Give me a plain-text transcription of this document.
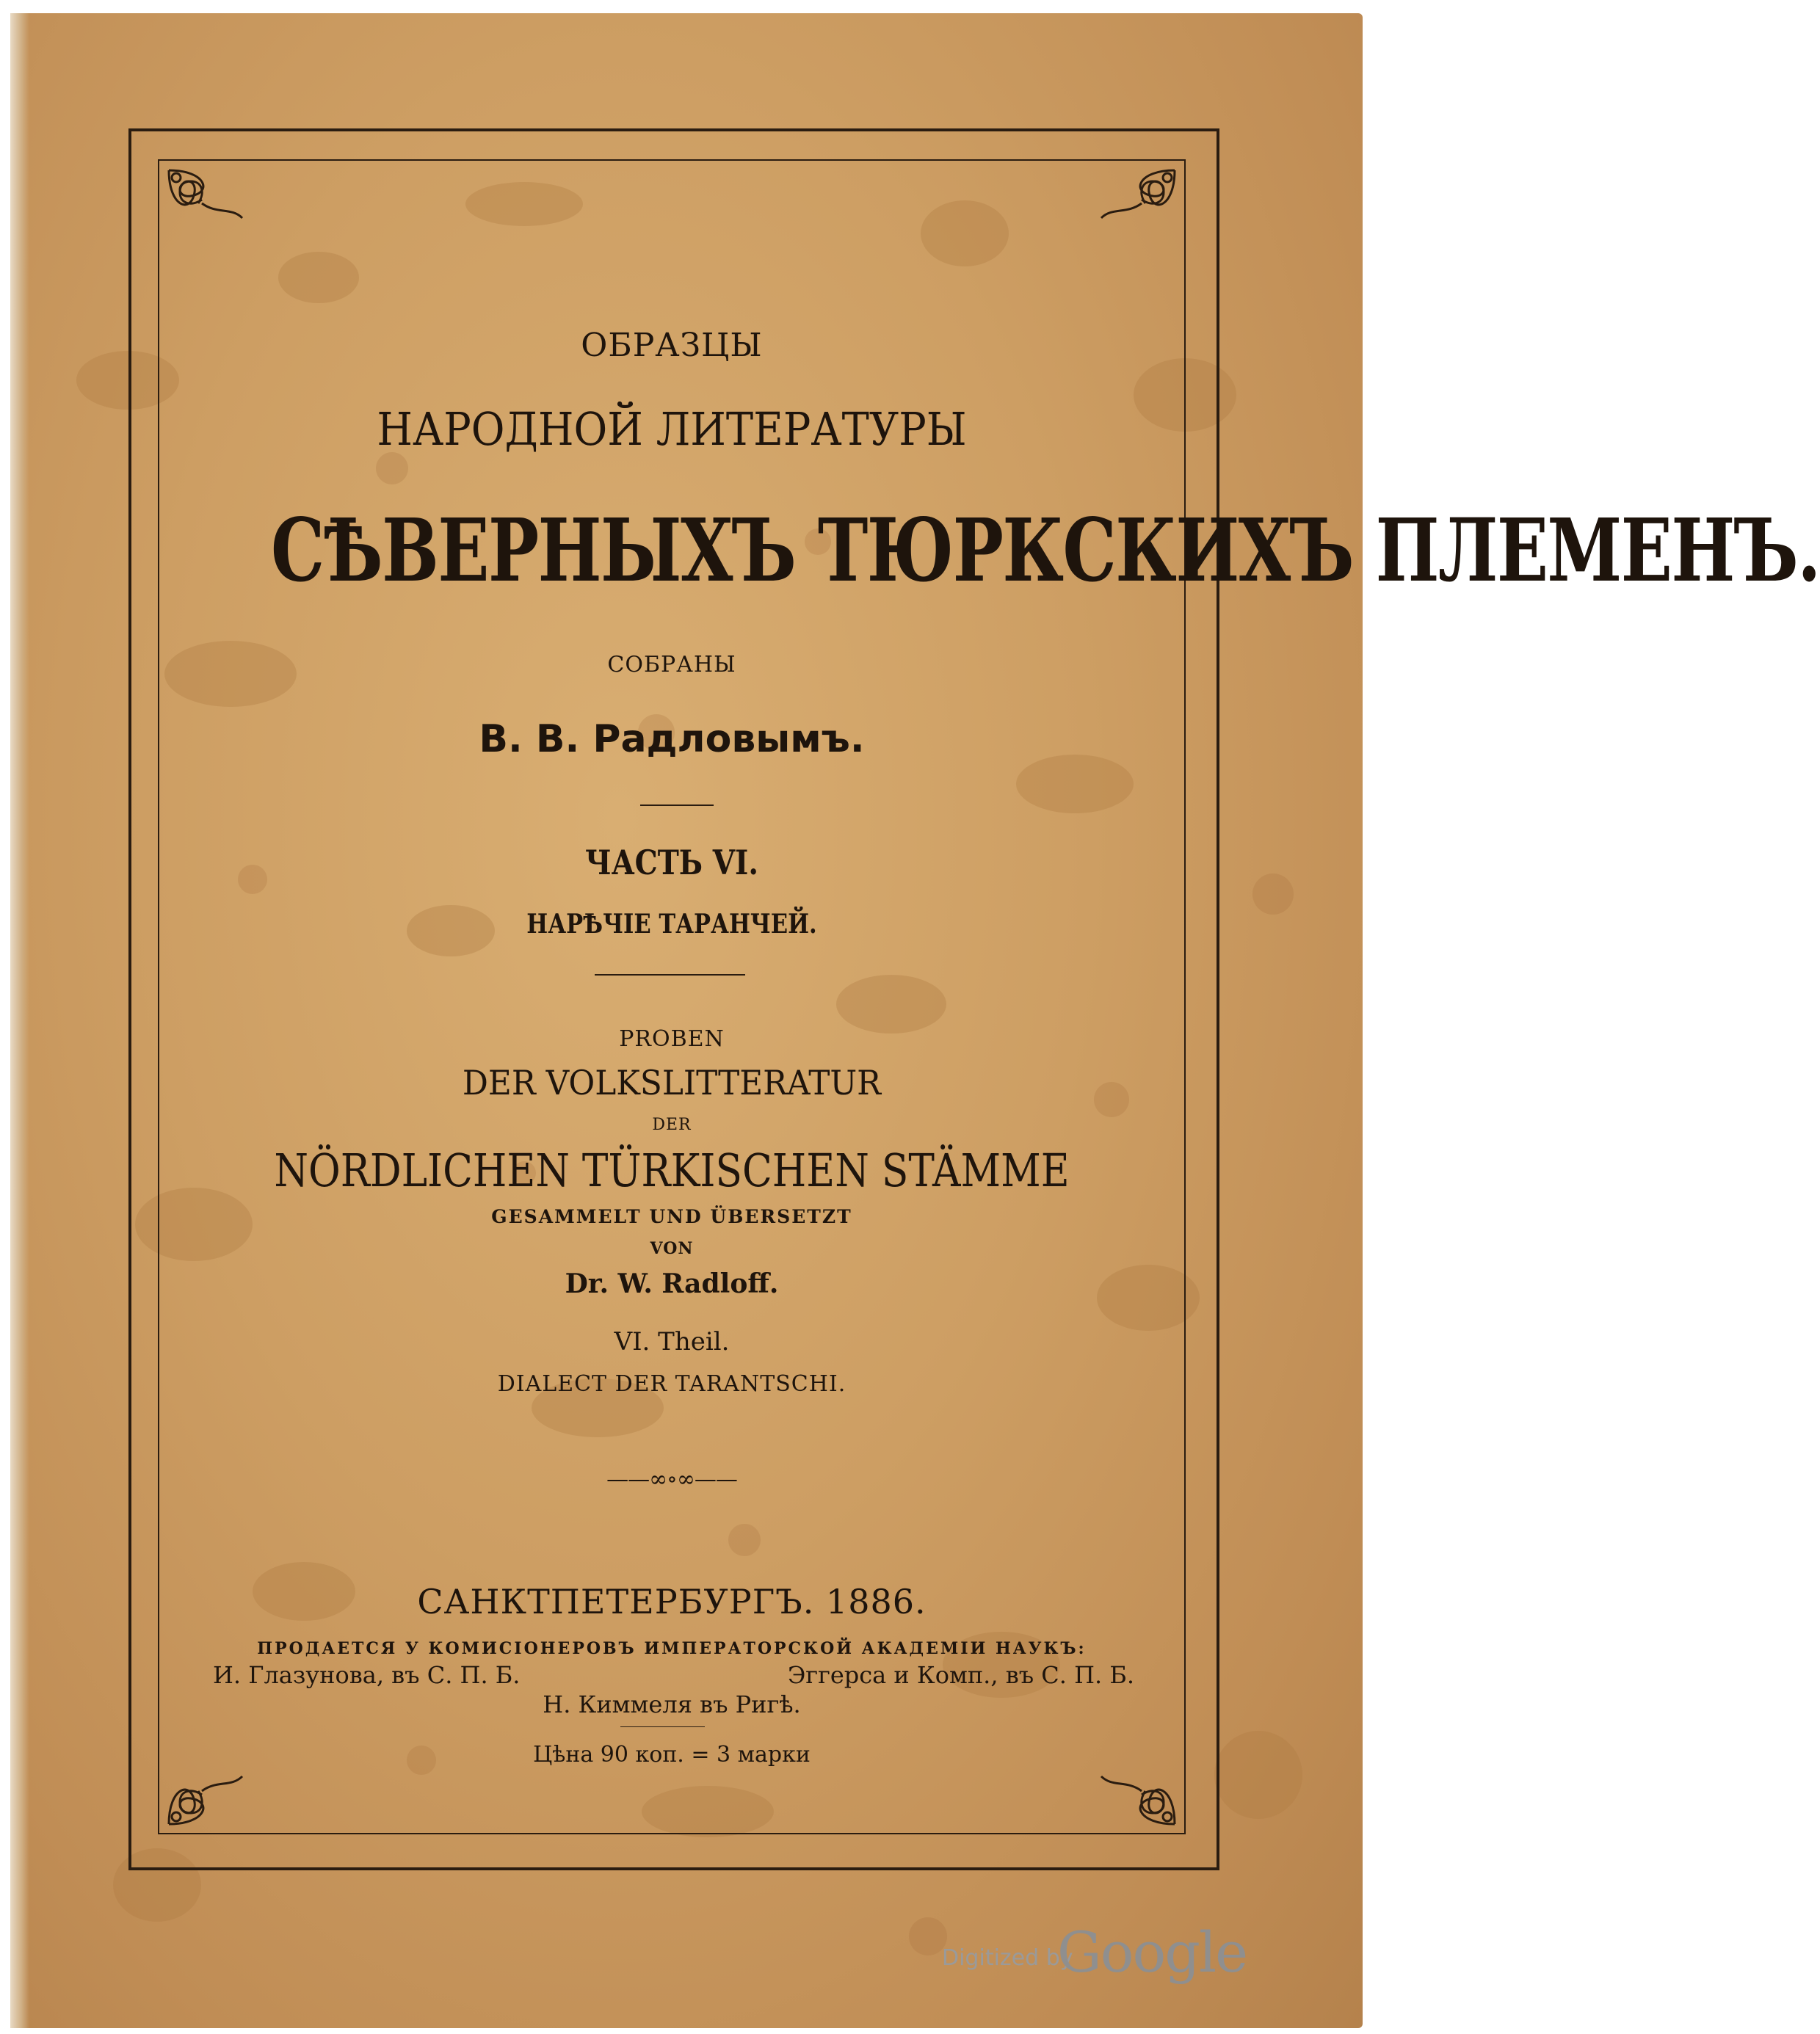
ОБРАЗЦЫ
НАРОДНОЙ ЛИТЕРАТУРЫ
СѢВЕРНЫХЪ ТЮРКСКИХЪ ПЛЕМЕНЪ.
СОБРАНЫ
В. В. Радловымъ.
ЧАСТЬ VI.
НАРѢЧІЕ ТАРАНЧЕЙ.
PROBEN
DER VOLKSLITTERATUR
DER
NÖRDLICHEN TÜRKISCHEN STÄMME
GESAMMELT UND ÜBERSETZT
VON
Dr. W. Radloff.
VI. Theil.
DIALECT DER TARANTSCHI.
——∞∘∞——
САНКТПЕТЕРБУРГЪ. 1886.
ПРОДАЕТСЯ У КОМИСІОНЕРОВЪ ИМПЕРАТОРСКОЙ АКАДЕМІИ НАУКЪ:
И. Глазунова, въ С. П. Б.	Эггерса и Комп., въ С. П. Б.
Н. Киммеля въ Ригѣ.
Цѣна 90 коп. = 3 марки
Digitized by
Google
